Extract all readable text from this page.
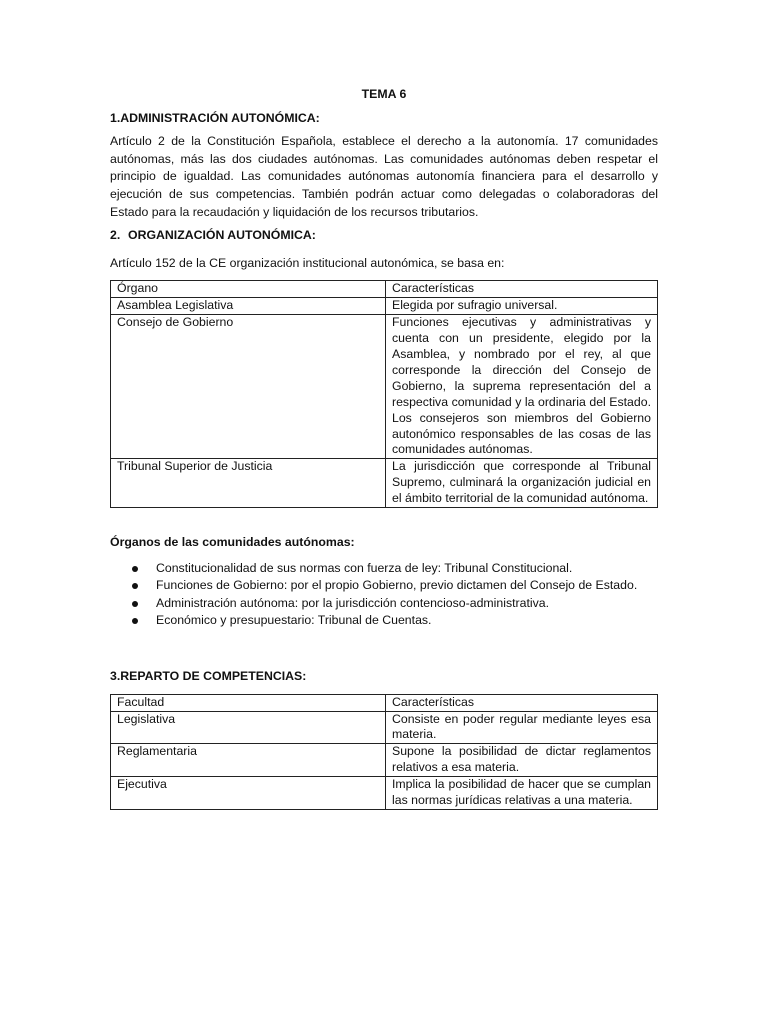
TEMA 6
1.ADMINISTRACIÓN AUTONÓMICA:

Artículo 2 de la Constitución Española, establece el derecho a la autonomía. 17 comunidades autónomas, más las dos ciudades autónomas. Las comunidades autónomas deben respetar el principio de igualdad. Las comunidades autónomas autonomía financiera para el desarrollo y ejecución de sus competencias. También podrán actuar como delegadas o colaboradoras del Estado para la recaudación y liquidación de los recursos tributarios.

2. ORGANIZACIÓN AUTONÓMICA:

Artículo 152 de la CE organización institucional autonómica, se basa en:

Órgano	Características
Asamblea Legislativa	Elegida por sufragio universal.
Consejo de Gobierno	Funciones ejecutivas y administrativas y cuenta con un presidente, elegido por la Asamblea, y nombrado por el rey, al que corresponde la dirección del Consejo de Gobierno, la suprema representación del a respectiva comunidad y la ordinaria del Estado. Los consejeros son miembros del Gobierno autonómico responsables de las cosas de las comunidades autónomas.
Tribunal Superior de Justicia	La jurisdicción que corresponde al Tribunal Supremo, culminará la organización judicial en el ámbito territorial de la comunidad autónoma.
Órganos de las comunidades autónomas:
Constitucionalidad de sus normas con fuerza de ley: Tribunal Constitucional.
Funciones de Gobierno: por el propio Gobierno, previo dictamen del Consejo de Estado.
Administración autónoma: por la jurisdicción contencioso-administrativa.
Económico y presupuestario: Tribunal de Cuentas.
3.REPARTO DE COMPETENCIAS:
Facultad	Características
Legislativa	Consiste en poder regular mediante leyes esa materia.
Reglamentaria	Supone la posibilidad de dictar reglamentos relativos a esa materia.
Ejecutiva	Implica la posibilidad de hacer que se cumplan las normas jurídicas relativas a una materia.
